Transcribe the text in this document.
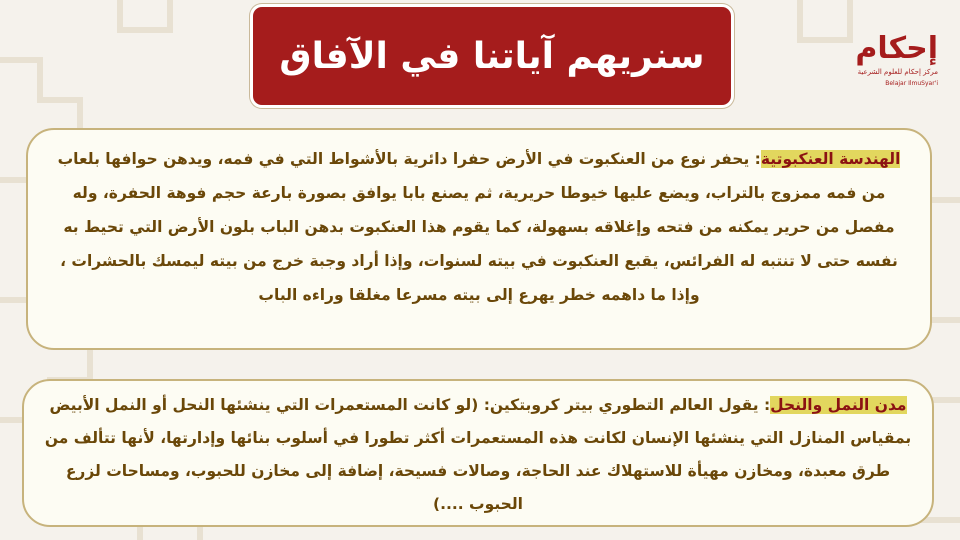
سنريهم آياتنا في الآفاق	إحكام
مركز إحكام للعلوم الشرعية
Belajar IlmuSyar'i

الهندسة العنكبوتية: يحفر نوع من العنكبوت في الأرض حفرا دائرية بالأشواط التي في فمه، ويدهن حوافها بلعاب من فمه ممزوج بالتراب، ويضع عليها خيوطا حريرية، ثم يصنع بابا يوافق بصورة بارعة حجم فوهة الحفرة، وله مفصل من حرير يمكنه من فتحه وإغلاقه بسهولة، كما يقوم هذا العنكبوت بدهن الباب بلون الأرض التي تحيط به نفسه حتى لا تنتبه له الفرائس، يقبع العنكبوت في بيته لسنوات، وإذا أراد وجبة خرج من بيته ليمسك بالحشرات ، وإذا ما داهمه خطر يهرع إلى بيته مسرعا مغلقا وراءه الباب

مدن النمل والنحل: يقول العالم التطوري بيتر كروبتكين: (لو كانت المستعمرات التي ينشئها النحل أو النمل الأبيض بمقياس المنازل التي ينشئها الإنسان لكانت هذه المستعمرات أكثر تطورا في أسلوب بنائها وإدارتها، لأنها تتألف من طرق معبدة، ومخازن مهيأة للاستهلاك عند الحاجة، وصالات فسيحة، إضافة إلى مخازن للحبوب، ومساحات لزرع الحبوب ....)
